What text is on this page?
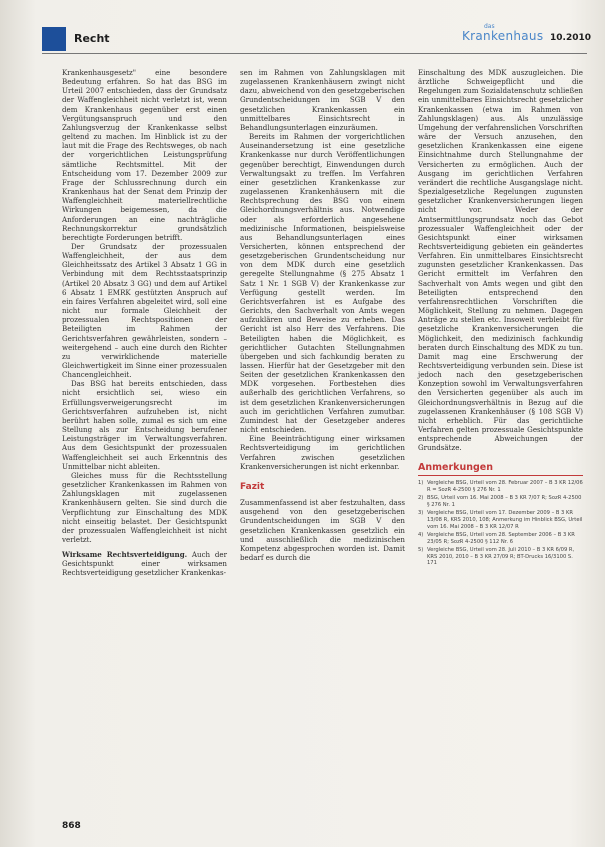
Recht
das
Krankenhaus 10.2010

Krankenhausgesetz" eine besondere Bedeutung erfahren. So hat das BSG im Urteil 2007 entschieden, dass der Grundsatz der Waffengleichheit nicht verletzt ist, wenn dem Krankenhaus gegenüber erst einen Vergütungsanspruch und den Zahlungsverzug der Krankenkasse selbst geltend zu machen. Im Hinblick ist zu der laut mit die Frage des Rechtsweges, ob nach der vorgerichtlichen Leistungsprüfung sämtliche Rechtsmittel. Mit der Entscheidung vom 17. Dezember 2009 zur Frage der Schlussrechnung durch ein Krankenhaus hat der Senat dem Prinzip der Waffengleichheit materiellrechtliche Wirkungen beigemessen, da die Anforderungen an eine nachträgliche Rechnungskorrektur grundsätzlich berechtigte Forderungen betrifft.

Der Grundsatz der prozessualen Waffengleichheit, der aus dem Gleichheitssatz des Artikel 3 Absatz 1 GG in Verbindung mit dem Rechtsstaatsprinzip (Artikel 20 Absatz 3 GG) und dem auf Artikel 6 Absatz 1 EMRK gestützten Anspruch auf ein faires Verfahren abgeleitet wird, soll eine nicht nur formale Gleichheit der prozessualen Rechtspositionen der Beteiligten im Rahmen der Gerichtsverfahren gewährleisten, sondern – weitergehend – auch eine durch den Richter zu verwirklichende materielle Gleichwertigkeit im Sinne einer prozessualen Chancengleichheit.

Das BSG hat bereits entschieden, dass nicht ersichtlich sei, wieso ein Erfüllungsverweigerungsrecht im Gerichtsverfahren aufzuheben ist, nicht berührt haben solle, zumal es sich um eine Stellung als zur Entscheidung berufener Leistungsträger im Verwaltungsverfahren. Aus dem Gesichtspunkt der prozessualen Waffengleichheit sei auch Erkenntnis des Unmittelbar nicht ableiten.

Gleiches muss für die Rechtsstellung gesetzlicher Krankenkassen im Rahmen von Zahlungsklagen mit zugelassenen Krankenhäusern gelten. Sie sind durch die Verpflichtung zur Einschaltung des MDK nicht einseitig belastet. Der Gesichtspunkt der prozessualen Waffengleichheit ist nicht verletzt.

Wirksame Rechtsverteidigung. Auch der Gesichtspunkt einer wirksamen Rechtsverteidigung gesetzlicher Krankenkas-

sen im Rahmen von Zahlungsklagen mit zugelassenen Krankenhäusern zwingt nicht dazu, abweichend von den gesetzgeberischen Grundentscheidungen im SGB V den gesetzlichen Krankenkassen ein unmittelbares Einsichtsrecht in Behandlungsunterlagen einzuräumen.

Bereits im Rahmen der vorgerichtlichen Auseinandersetzung ist eine gesetzliche Krankenkasse nur durch Veröffentlichungen gegenüber berechtigt, Einwendungen durch Verwaltungsakt zu treffen. Im Verfahren einer gesetzlichen Krankenkasse zur zugelassenen Krankenhäusern mit die Rechtsprechung des BSG von einem Gleichordnungsverhältnis aus. Notwendige oder als erforderlich angesehene medizinische Informationen, beispielsweise aus Behandlungsunterlagen eines Versicherten, können entsprechend der gesetzgeberischen Grundentscheidung nur von dem MDK durch eine gesetzlich geregelte Stellungnahme (§ 275 Absatz 1 Satz 1 Nr. 1 SGB V) der Krankenkasse zur Verfügung gestellt werden. Im Gerichtsverfahren ist es Aufgabe des Gerichts, den Sachverhalt von Amts wegen aufzuklären und Beweise zu erheben. Das Gericht ist also Herr des Verfahrens. Die Beteiligten haben die Möglichkeit, es gerichtlicher Gutachten Stellungnahmen übergeben und sich fachkundig beraten zu lassen. Hierfür hat der Gesetzgeber mit den Seiten der gesetzlichen Krankenkassen den MDK vorgesehen. Fortbestehen dies außerhalb des gerichtlichen Verfahrens, so ist dem gesetzlichen Krankenversicherungen auch im gerichtlichen Verfahren zumutbar. Zumindest hat der Gesetzgeber anderes nicht entschieden.

Eine Beeinträchtigung einer wirksamen Rechtsverteidigung im gerichtlichen Verfahren zwischen gesetzlichen Krankenversicherungen ist nicht erkennbar.

Fazit

Zusammenfassend ist aber festzuhalten, dass ausgehend von den gesetzgeberischen Grundentscheidungen im SGB V den gesetzlichen Krankenkassen gesetzlich ein und ausschließlich die medizinischen Kompetenz abgesprochen worden ist. Damit bedarf es durch die

Einschaltung des MDK auszugleichen. Die ärztliche Schweigepflicht und die Regelungen zum Sozialdatenschutz schließen ein unmittelbares Einsichtsrecht gesetzlicher Krankenkassen (etwa im Rahmen von Zahlungsklagen) aus. Als unzulässige Umgehung der verfahrenslichen Vorschriften wäre der Versuch anzusehen, den gesetzlichen Krankenkassen eine eigene Einsichtnahme durch Stellungnahme der Versicherten zu ermöglichen. Auch der Ausgang im gerichtlichen Verfahren verändert die rechtliche Ausgangslage nicht. Spezialgesetzliche Regelungen zugunsten gesetzlicher Krankenversicherungen liegen nicht vor. Weder der Amtsermittlungsgrundsatz noch das Gebot prozessualer Waffengleichheit oder der Gesichtspunkt einer wirksamen Rechtsverteidigung gebieten ein geändertes Verfahren. Ein unmittelbares Einsichtsrecht zugunsten gesetzlicher Krankenkassen. Das Gericht ermittelt im Verfahren den Sachverhalt von Amts wegen und gibt den Beteiligten entsprechend den verfahrensrechtlichen Vorschriften die Möglichkeit, Stellung zu nehmen. Dagegen Anträge zu stellen etc. Insoweit verbleibt für gesetzliche Krankenversicherungen die Möglichkeit, den medizinisch fachkundig beraten durch Einschaltung des MDK zu tun. Damit mag eine Erschwerung der Rechtsverteidigung verbunden sein. Diese ist jedoch nach den gesetzgeberischen Konzeption sowohl im Verwaltungsverfahren den Versicherten gegenüber als auch im Gleichordnungsverhältnis in Bezug auf die zugelassenen Krankenhäuser (§ 108 SGB V) nicht erheblich. Für das gerichtliche Verfahren gelten prozessuale Gesichtspunkte entsprechende Abweichungen der Grundsätze.

Anmerkungen
1) Vergleiche BSG, Urteil vom 28. Februar 2007 – B 3 KR 12/06 R = SozR 4-2500 § 276 Nr. 1
2) BSG, Urteil vom 16. Mai 2008 – B 3 KR 7/07 R; SozR 4-2500 § 276 Nr. 1
3) Vergleiche BSG, Urteil vom 17. Dezember 2009 – B 3 KR 13/08 R, KRS 2010, 108; Anmerkung im Hinblick BSG, Urteil vom 16. Mai 2008 – B 3 KR 12/07 R
4) Vergleiche BSG, Urteil vom 28. September 2006 – B 3 KR 23/05 R; SozR 4-2500 § 112 Nr. 6
5) Vergleiche BSG, Urteil vom 28. Juli 2010 – B 3 KR 6/09 R, KRS 2010, 2010 – B 3 KR 27/09 R; BT-Drucks 16/3100 S. 171
868
